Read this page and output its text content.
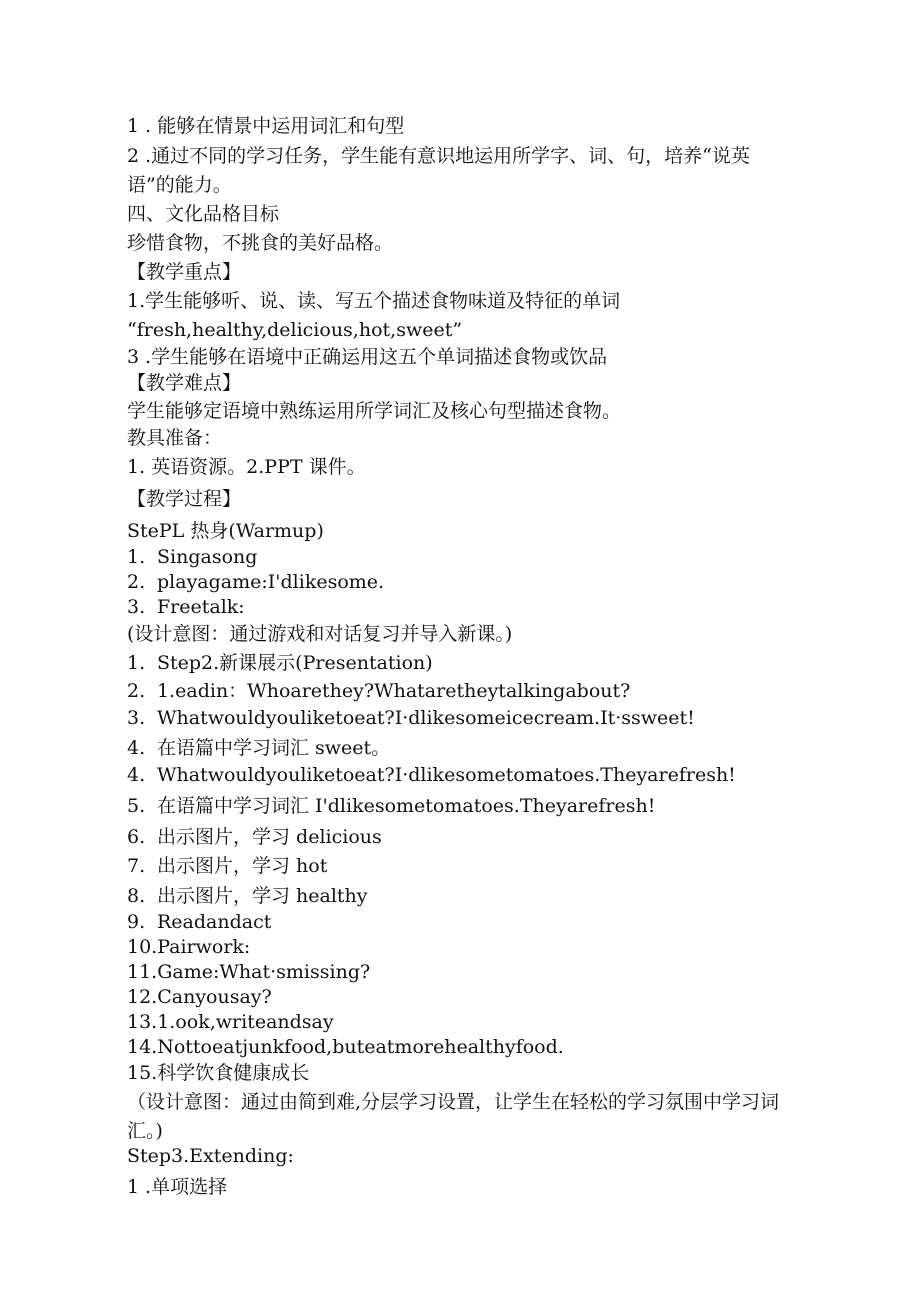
1 . 能够在情景中运用词汇和句型
2 .通过不同的学习任务，学生能有意识地运用所学字、词、句，培养“说英语”的能力。
四、文化品格目标
珍惜食物，不挑食的美好品格。
【教学重点】
1.学生能够听、说、读、写五个描述食物味道及特征的单词
“fresh,healthy,delicious,hot,sweet”
3 .学生能够在语境中正确运用这五个单词描述食物或饮品
【教学难点】
学生能够定语境中熟练运用所学词汇及核心句型描述食物。
教具准备：
1. 英语资源。2.PPT 课件。
【教学过程】
StePL 热身(Warmup)
1. Singasong
2. playagame:I'dlikesome.
3. Freetalk:
(设计意图：通过游戏和对话复习并导入新课。)
1. Step2.新课展示(Presentation)
2. 1.eadin：Whoarethey?Whataretheytalkingabout?
3. Whatwouldyouliketoeat?I·dlikesomeicecream.It·ssweet!
4. 在语篇中学习词汇 sweet。
4. Whatwouldyouliketoeat?I·dlikesometomatoes.Theyarefresh!
5. 在语篇中学习词汇 I'dlikesometomatoes.Theyarefresh!
6. 出示图片，学习 delicious
7. 出示图片，学习 hot
8. 出示图片，学习 healthy
9. Readandact
10.Pairwork:
11.Game:What·smissing?
12.Canyousay?
13.1.ook,writeandsay
14.Nottoeatjunkfood,buteatmorehealthyfood.
15.科学饮食健康成长
（设计意图：通过由简到难,分层学习设置，让学生在轻松的学习氛围中学习词汇。)
Step3.Extending:
1 .单项选择
